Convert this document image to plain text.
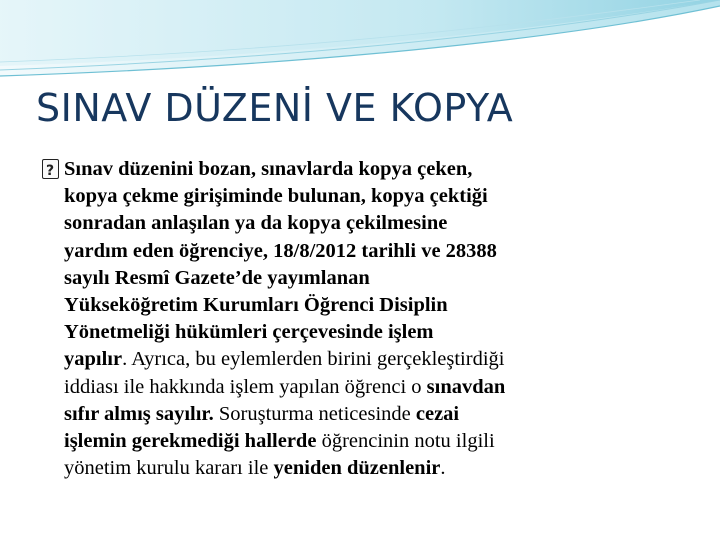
SINAV DÜZENİ VE KOPYA
?
Sınav düzenini bozan, sınavlarda kopya çeken,
kopya çekme girişiminde bulunan, kopya çektiği
sonradan anlaşılan ya da kopya çekilmesine
yardım eden öğrenciye, 18/8/2012 tarihli ve 28388
sayılı Resmî Gazete’de yayımlanan
Yükseköğretim Kurumları Öğrenci Disiplin
Yönetmeliği hükümleri çerçevesinde işlem
yapılır. Ayrıca, bu eylemlerden birini gerçekleştirdiği
iddiası ile hakkında işlem yapılan öğrenci o sınavdan
sıfır almış sayılır. Soruşturma neticesinde cezai
işlemin gerekmediği hallerde öğrencinin notu ilgili
yönetim kurulu kararı ile yeniden düzenlenir.
